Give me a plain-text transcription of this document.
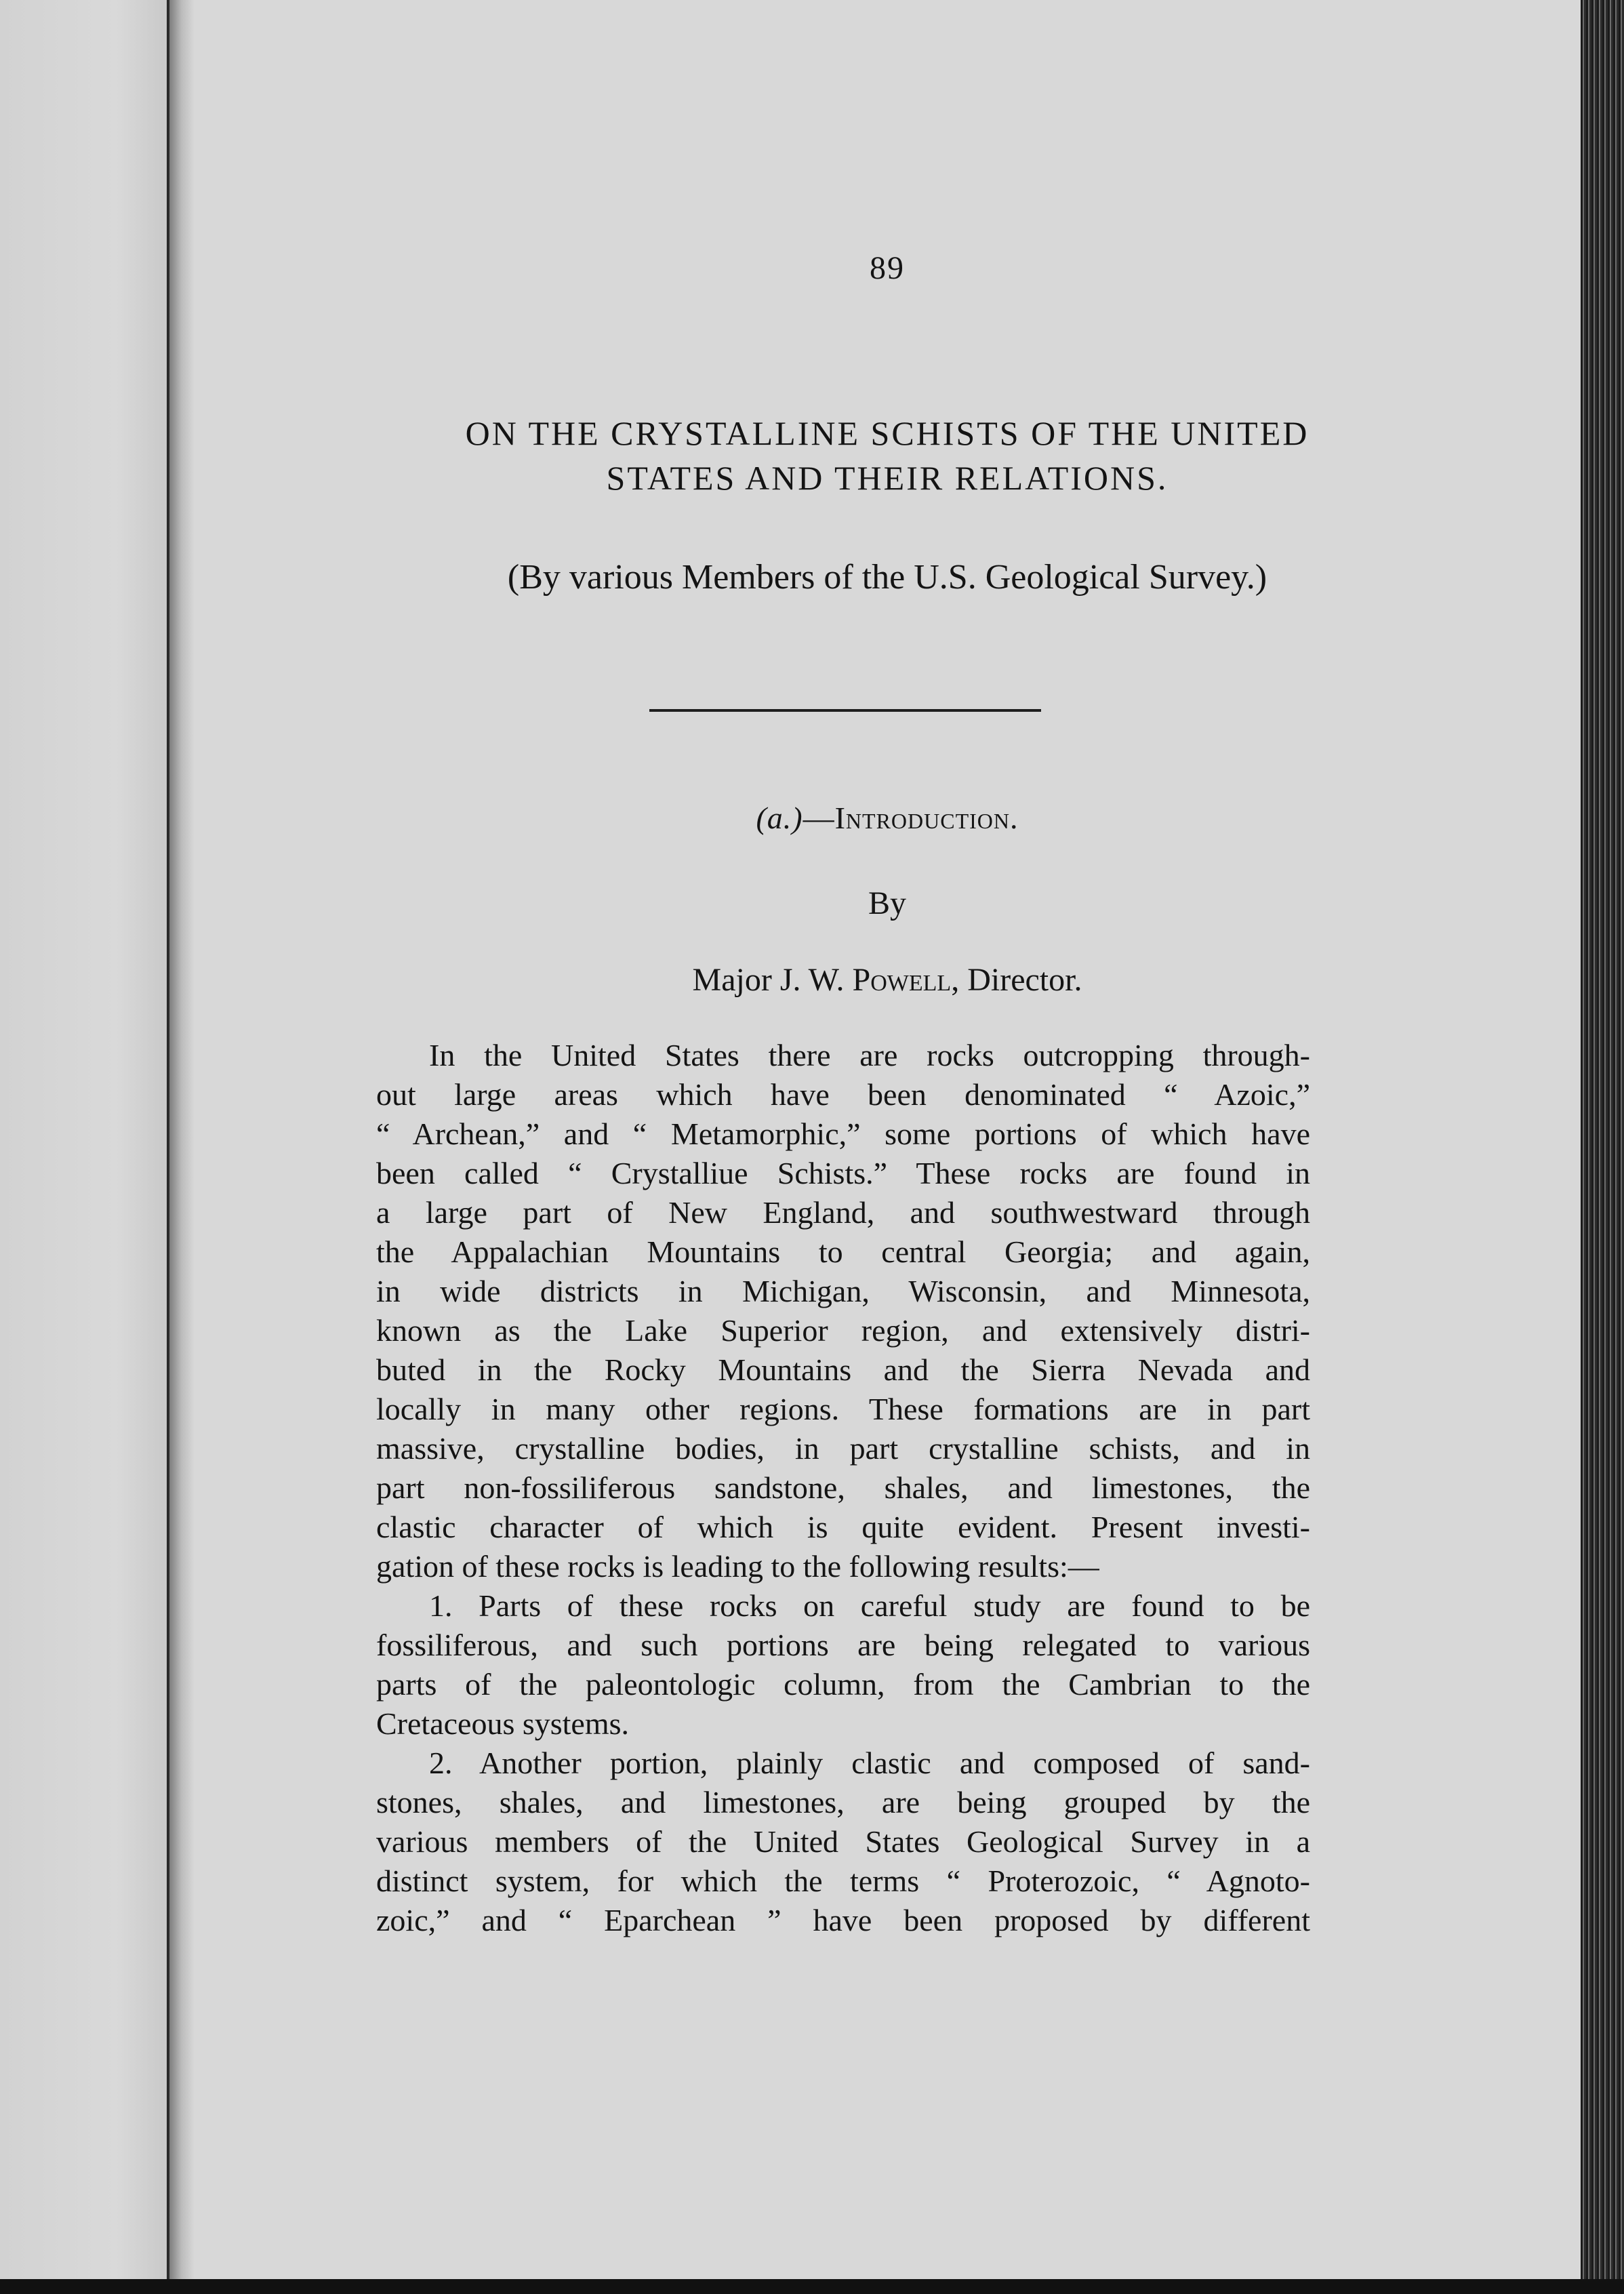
89
ON THE CRYSTALLINE SCHISTS OF THE UNITED
STATES AND THEIR RELATIONS.
(By various Members of the U.S. Geological Survey.)
(a.)—Introduction.
By
Major J. W. Powell, Director.
In the United States there are rocks outcropping through-
out large areas which have been denominated “ Azoic,”
“ Archean,” and “ Metamorphic,” some portions of which have
been called “ Crystalliue Schists.” These rocks are found in
a large part of New England, and southwestward through
the Appalachian Mountains to central Georgia; and again,
in wide districts in Michigan, Wisconsin, and Minnesota,
known as the Lake Superior region, and extensively distri-
buted in the Rocky Mountains and the Sierra Nevada and
locally in many other regions. These formations are in part
massive, crystalline bodies, in part crystalline schists, and in
part non-fossiliferous sandstone, shales, and limestones, the
clastic character of which is quite evident. Present investi-
gation of these rocks is leading to the following results:—
1. Parts of these rocks on careful study are found to be
fossiliferous, and such portions are being relegated to various
parts of the paleontologic column, from the Cambrian to the
Cretaceous systems.
2. Another portion, plainly clastic and composed of sand-
stones, shales, and limestones, are being grouped by the
various members of the United States Geological Survey in a
distinct system, for which the terms “ Proterozoic, “ Agnoto-
zoic,” and “ Eparchean ” have been proposed by different
